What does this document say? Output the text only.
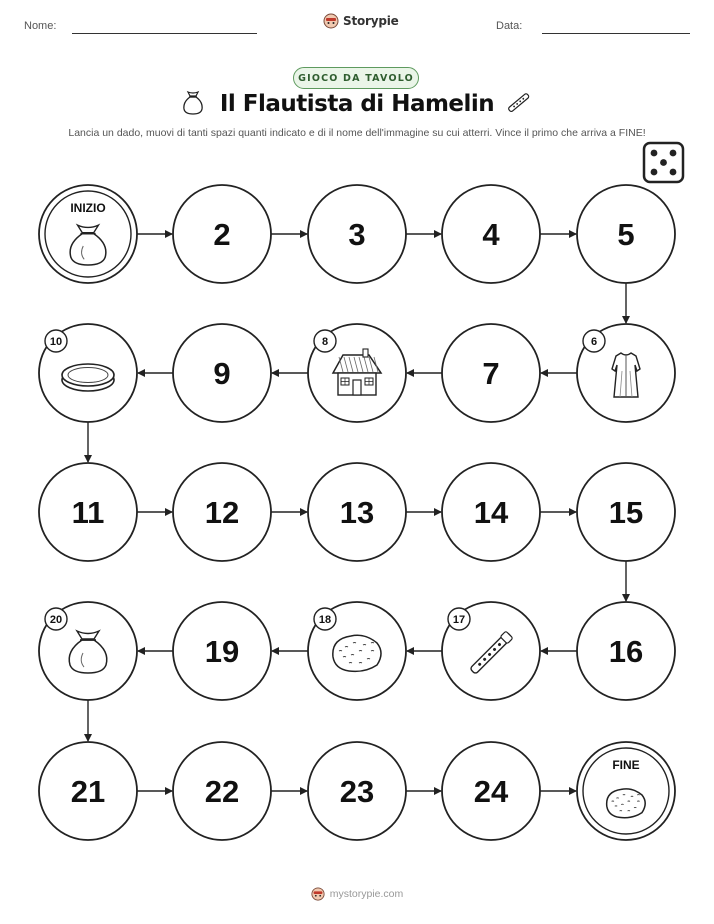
Nome:	Storypie	Data:
GIOCO DA TAVOLO
Il Flautista di Hamelin
Lancia un dado, muovi di tanti spazi quanti indicato e di il nome dell'immagine su cui atterri. Vince il primo che arriva a FINE!
INIZIO
2	3	4	5
6
7
8
9
10
11	12	13	14	15
16
17
18
19
20
21	22	23	24
FINE
mystorypie.com
